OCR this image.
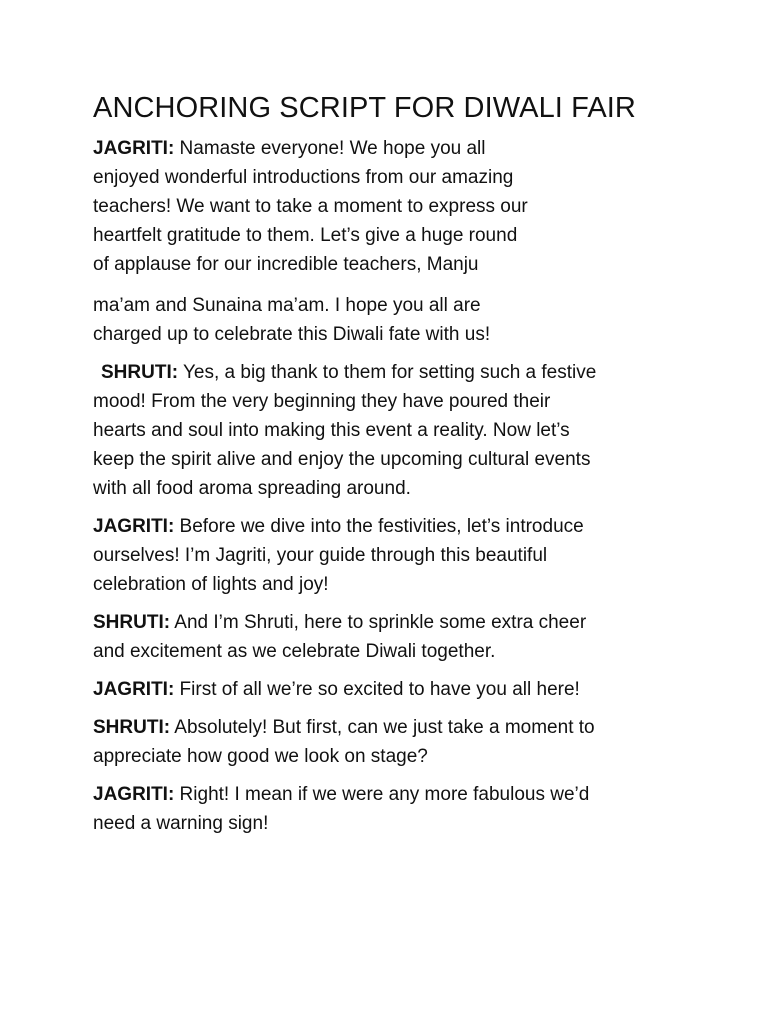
ANCHORING SCRIPT FOR DIWALI FAIR
JAGRITI: Namaste everyone! We hope you all
enjoyed wonderful introductions from our amazing
teachers! We want to take a moment to express our
heartfelt gratitude to them. Let’s give a huge round
of applause for our incredible teachers, Manju
ma’am and Sunaina ma’am. I hope you all are
charged up to celebrate this Diwali fate with us!
SHRUTI: Yes, a big thank to them for setting such a festive
mood! From the very beginning they have poured their
hearts and soul into making this event a reality. Now let’s
keep the spirit alive and enjoy the upcoming cultural events
with all food aroma spreading around.
JAGRITI: Before we dive into the festivities, let’s introduce
ourselves! I’m Jagriti, your guide through this beautiful
celebration of lights and joy!
SHRUTI: And I’m Shruti, here to sprinkle some extra cheer
and excitement as we celebrate Diwali together.
JAGRITI: First of all we’re so excited to have you all here!
SHRUTI: Absolutely! But first, can we just take a moment to
appreciate how good we look on stage?
JAGRITI: Right! I mean if we were any more fabulous we’d
need a warning sign!
